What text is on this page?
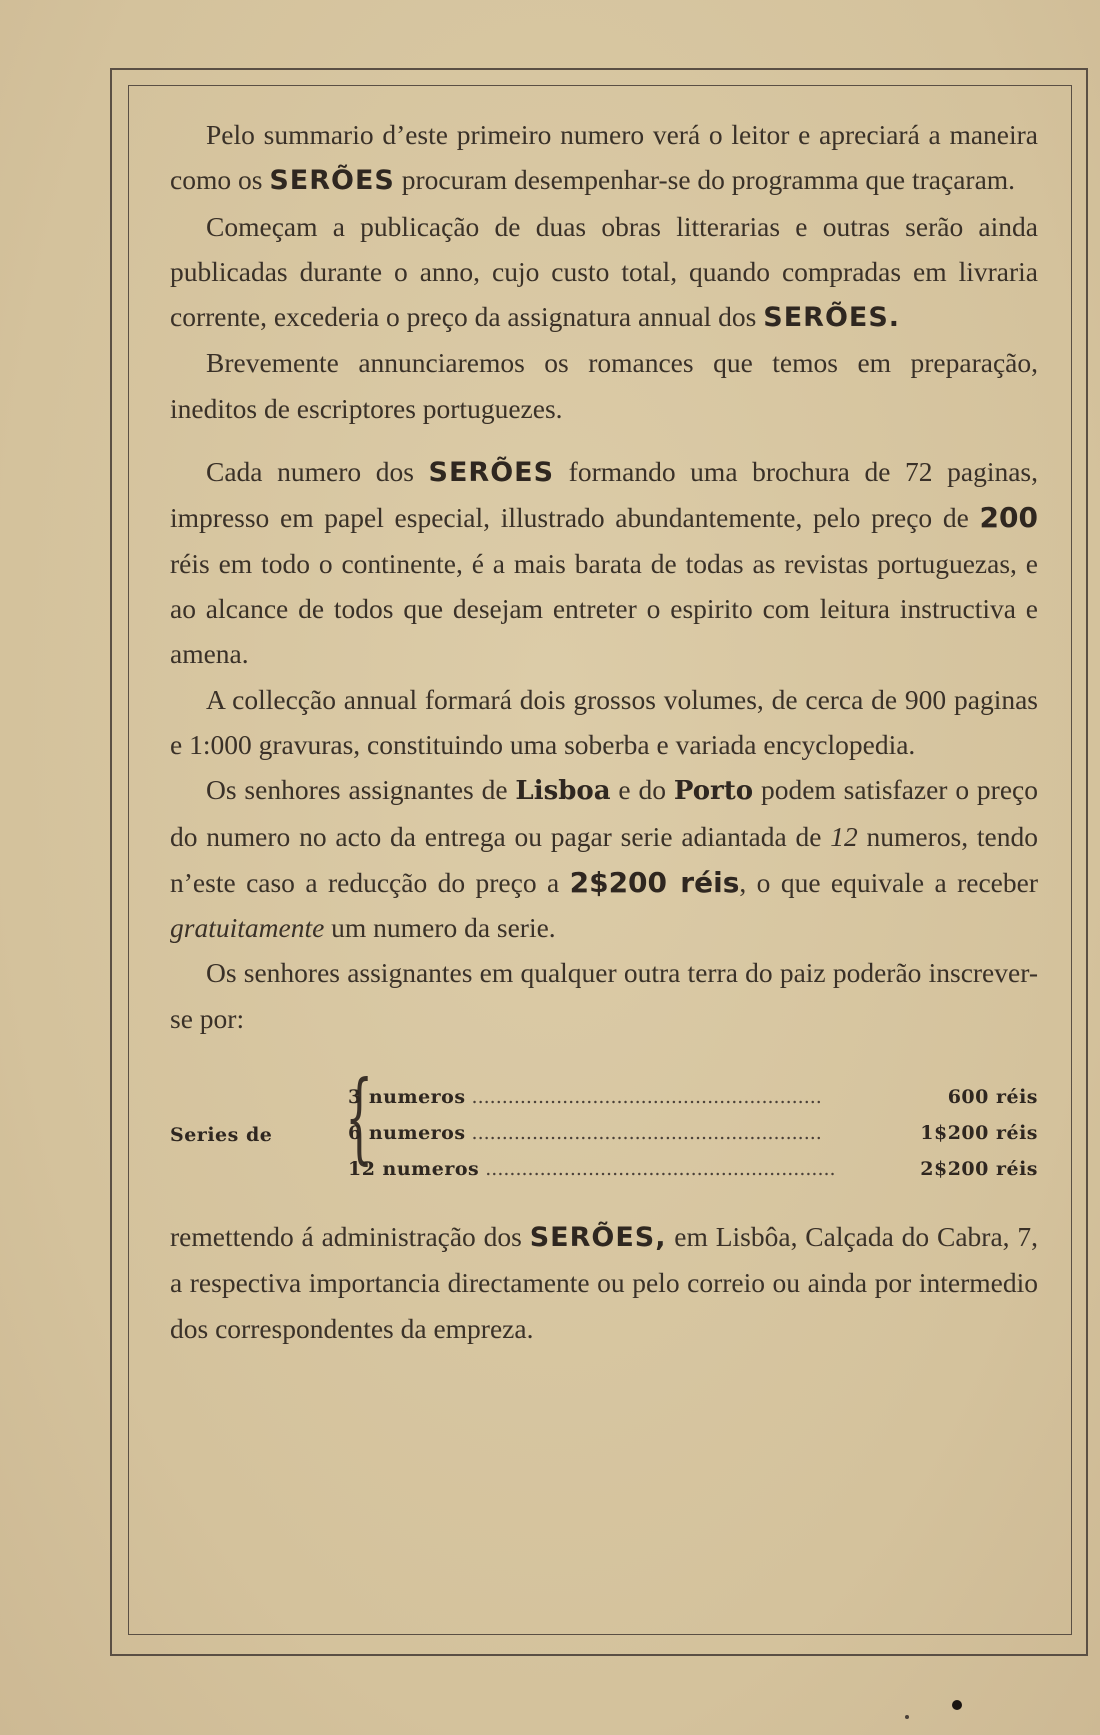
Pelo summario d’este primeiro numero verá o leitor e apreciará a maneira como os SERÕES procuram desempenhar-se do programma que traçaram.

Começam a publicação de duas obras litterarias e outras serão ainda publicadas durante o anno, cujo custo total, quando compradas em livraria corrente, excederia o preço da assignatura annual dos SERÕES.

Brevemente annunciaremos os romances que temos em preparação, ineditos de escriptores portuguezes.

Cada numero dos SERÕES formando uma brochura de 72 paginas, impresso em papel especial, illustrado abundantemente, pelo preço de 200 réis em todo o continente, é a mais barata de todas as revistas portuguezas, e ao alcance de todos que desejam entreter o espirito com leitura instructiva e amena.

A collecção annual formará dois grossos volumes, de cerca de 900 paginas e 1:000 gravuras, constituindo uma soberba e variada encyclopedia.

Os senhores assignantes de Lisboa e do Porto podem satisfazer o preço do numero no acto da entrega ou pagar serie adiantada de 12 numeros, tendo n’este caso a reducção do preço a 2$200 réis, o que equivale a receber gratuitamente um numero da serie.

Os senhores assignantes em qualquer outra terra do paiz poderão inscrever-se por:

Series de {
3 numeros ..........................................................	600 réis
6 numeros ..........................................................	1$200 réis
12 numeros ..........................................................	2$200 réis

remettendo á administração dos SERÕES, em Lisbôa, Calçada do Cabra, 7, a respectiva importancia directamente ou pelo correio ou ainda por intermedio dos correspondentes da empreza.
